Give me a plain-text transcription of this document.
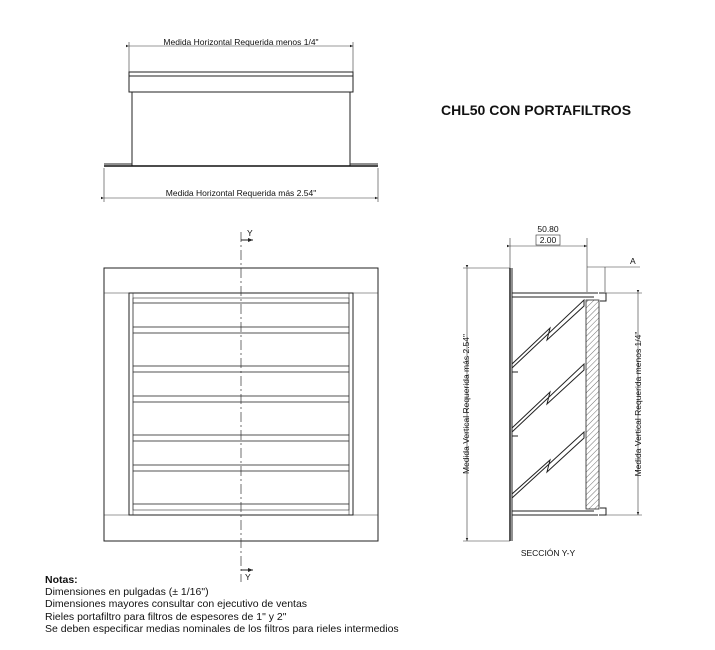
Medida Horizontal Requerida menos 1/4"
Medida Horizontal Requerida más 2.54"
CHL50 CON PORTAFILTROS
Y
Y
50.80
2.00
A
Medida Vertical Requerida más 2.54"	Medida Vertical Requerida menos 1/4"
SECCIÓN Y-Y
Notas:
Dimensiones en pulgadas (± 1/16")
Dimensiones mayores consultar con ejecutivo de ventas
Rieles portafiltro para filtros de espesores de 1" y 2"
Se deben especificar medias nominales de los filtros para rieles intermedios
